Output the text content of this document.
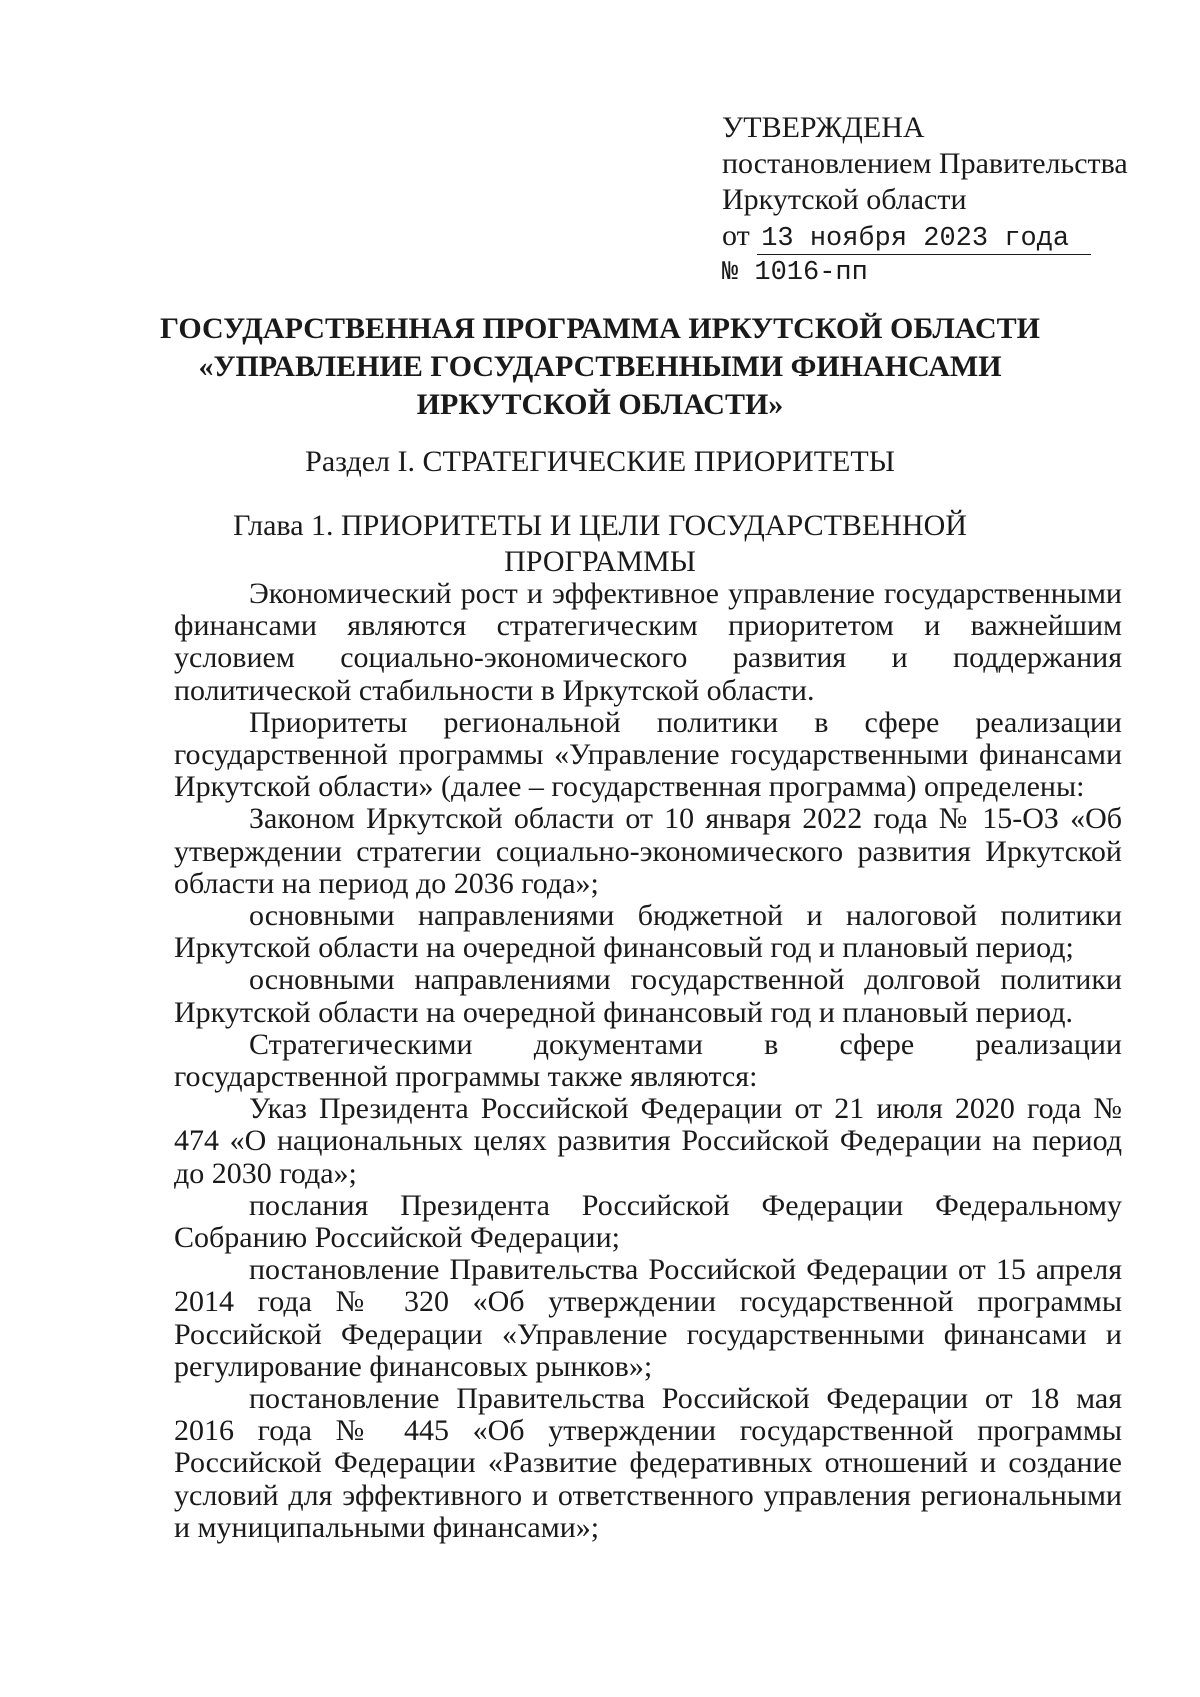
УТВЕРЖДЕНА
постановлением Правительства
Иркутской области
от 13 ноября 2023 года
№ 1016-пп
ГОСУДАРСТВЕННАЯ ПРОГРАММА ИРКУТСКОЙ ОБЛАСТИ
«УПРАВЛЕНИЕ ГОСУДАРСТВЕННЫМИ ФИНАНСАМИ
ИРКУТСКОЙ ОБЛАСТИ»
Раздел I. СТРАТЕГИЧЕСКИЕ ПРИОРИТЕТЫ
Глава 1. ПРИОРИТЕТЫ И ЦЕЛИ ГОСУДАРСТВЕННОЙ ПРОГРАММЫ

Экономический рост и эффективное управление государственными финансами являются стратегическим приоритетом и важнейшим условием социально-экономического развития и поддержания политической стабильности в Иркутской области.

Приоритеты региональной политики в сфере реализации государственной программы «Управление государственными финансами Иркутской области» (далее – государственная программа) определены:

Законом Иркутской области от 10 января 2022 года № 15-ОЗ «Об утверждении стратегии социально-экономического развития Иркутской области на период до 2036 года»;

основными направлениями бюджетной и налоговой политики Иркутской области на очередной финансовый год и плановый период;

основными направлениями государственной долговой политики Иркутской области на очередной финансовый год и плановый период.

Стратегическими документами в сфере реализации государственной программы также являются:

Указ Президента Российской Федерации от 21 июля 2020 года № 474 «О национальных целях развития Российской Федерации на период до 2030 года»;

послания Президента Российской Федерации Федеральному Собранию Российской Федерации;

постановление Правительства Российской Федерации от 15 апреля 2014 года № 320 «Об утверждении государственной программы Российской Федерации «Управление государственными финансами и регулирование финансовых рынков»;

постановление Правительства Российской Федерации от 18 мая 2016 года № 445 «Об утверждении государственной программы Российской Федерации «Развитие федеративных отношений и создание условий для эффективного и ответственного управления региональными и муниципальными финансами»;
